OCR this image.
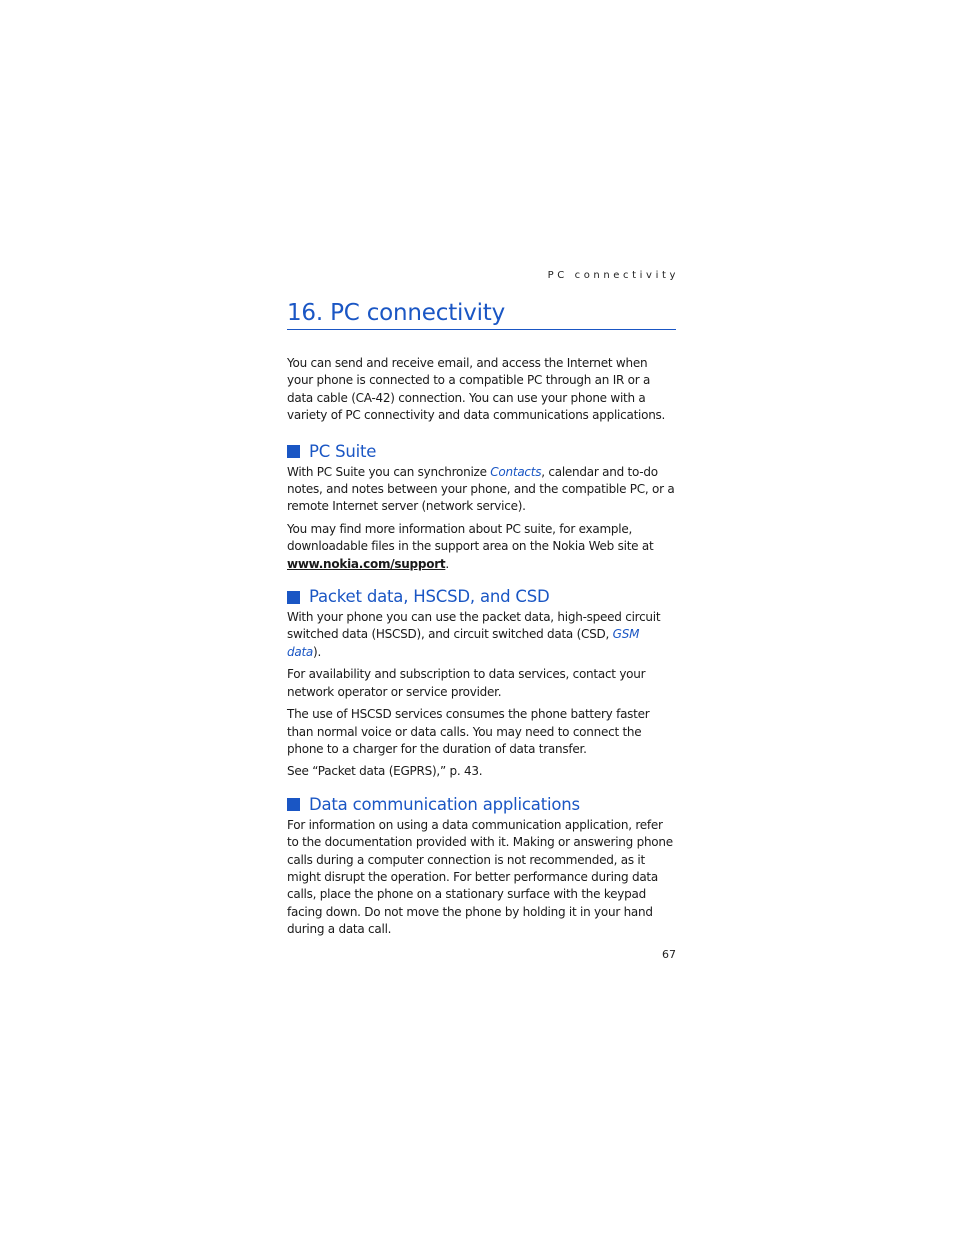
PC connectivity
16. PC connectivity

You can send and receive email, and access the Internet when your phone is connected to a compatible PC through an IR or a data cable (CA-42) connection. You can use your phone with a variety of PC connectivity and data communications applications.

PC Suite

With PC Suite you can synchronize Contacts, calendar and to-do notes, and notes between your phone, and the compatible PC, or a remote Internet server (network service).

You may find more information about PC suite, for example, downloadable files in the support area on the Nokia Web site at www.nokia.com/support.

Packet data, HSCSD, and CSD

With your phone you can use the packet data, high-speed circuit switched data (HSCSD), and circuit switched data (CSD, GSM data).

For availability and subscription to data services, contact your network operator or service provider.

The use of HSCSD services consumes the phone battery faster than normal voice or data calls. You may need to connect the phone to a charger for the duration of data transfer.

See “Packet data (EGPRS),” p. 43.

Data communication applications

For information on using a data communication application, refer to the documentation provided with it. Making or answering phone calls during a computer connection is not recommended, as it might disrupt the operation. For better performance during data calls, place the phone on a stationary surface with the keypad facing down. Do not move the phone by holding it in your hand during a data call.

67
